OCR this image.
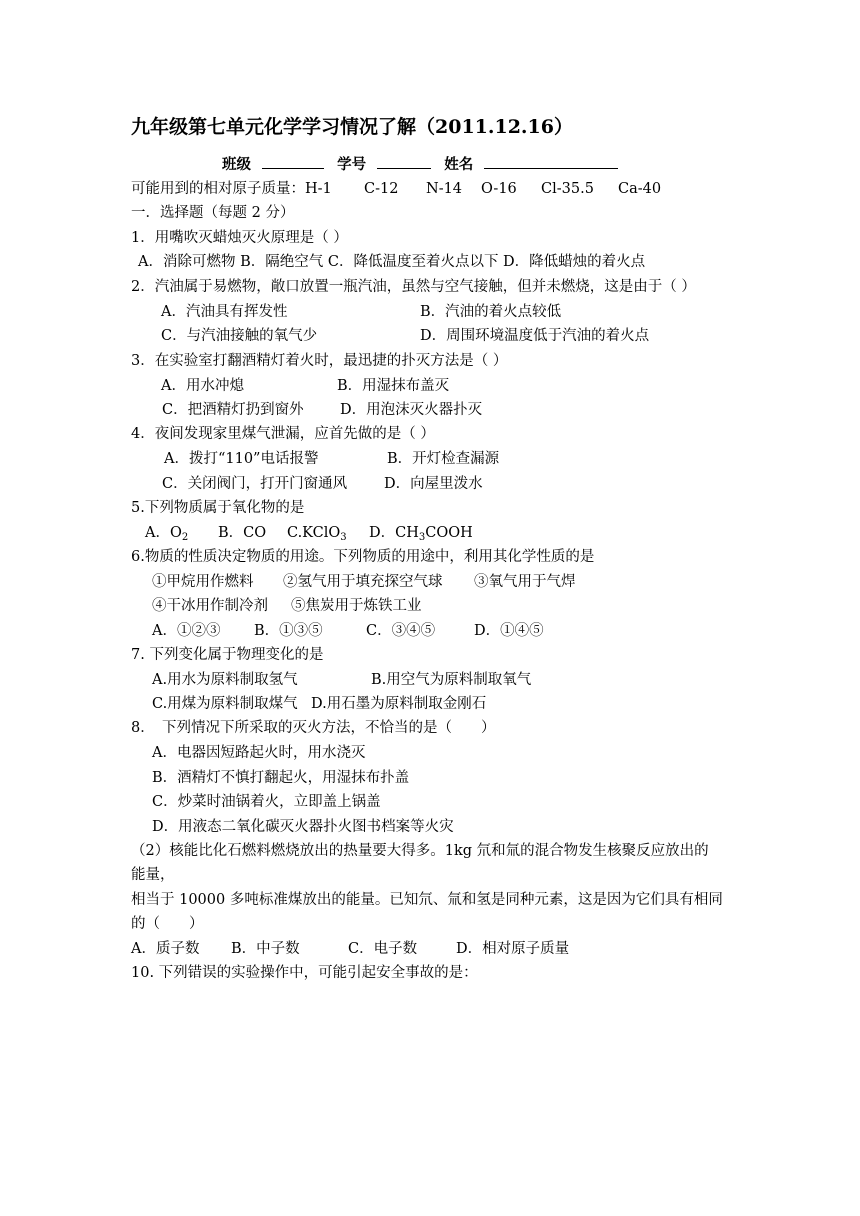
九年级第七单元化学学习情况了解（2011.12.16）
班级	学号	姓名
可能用到的相对原子质量：H-1 C-12 N-14 O-16 Cl-35.5 Ca-40
一．选择题（每题 2 分）
1．用嘴吹灭蜡烛灭火原理是（ ）
A．消除可燃物 B．隔绝空气 C．降低温度至着火点以下 D．降低蜡烛的着火点
2．汽油属于易燃物，敞口放置一瓶汽油，虽然与空气接触，但并未燃烧，这是由于（ ）
A．汽油具有挥发性	B．汽油的着火点较低
C．与汽油接触的氧气少	D．周围环境温度低于汽油的着火点
3．在实验室打翻酒精灯着火时，最迅捷的扑灭方法是（ ）
A．用水冲熄	B．用湿抹布盖灭
C．把酒精灯扔到窗外	D．用泡沫灭火器扑灭
4．夜间发现家里煤气泄漏，应首先做的是（ ）
A．拨打“110”电话报警	B．开灯检查漏源
C．关闭阀门，打开门窗通风	D．向屋里泼水
5.下列物质属于氧化物的是
A．$O_2$ B．CO C.KClO$_3$ D．$CH_3COOH$
6.物质的性质决定物质的用途。下列物质的用途中，利用其化学性质的是
①甲烷用作燃料 ②氢气用于填充探空气球 ③氧气用于气焊
④干冰用作制冷剂 ⑤焦炭用于炼铁工业
A．①②③ B．①③⑤	C．③④⑤	D．①④⑤
7. 下列变化属于物理变化的是
A.用水为原料制取氢气	B.用空气为原料制取氧气
C.用煤为原料制取煤气 D.用石墨为原料制取金刚石
8．　下列情况下所采取的灭火方法，不恰当的是（　　）
A．电器因短路起火时，用水浇灭
B．酒精灯不慎打翻起火，用湿抹布扑盖
C．炒菜时油锅着火，立即盖上锅盖
D．用液态二氧化碳灭火器扑火图书档案等火灾
（2）核能比化石燃料燃烧放出的热量要大得多。1kg 氘和氚的混合物发生核聚反应放出的
能量，
相当于 10000 多吨标准煤放出的能量。已知氘、氚和氢是同种元素，这是因为它们具有相同
的（　　）
A．质子数 B．中子数	C．电子数	D．相对原子质量
10. 下列错误的实验操作中，可能引起安全事故的是：
